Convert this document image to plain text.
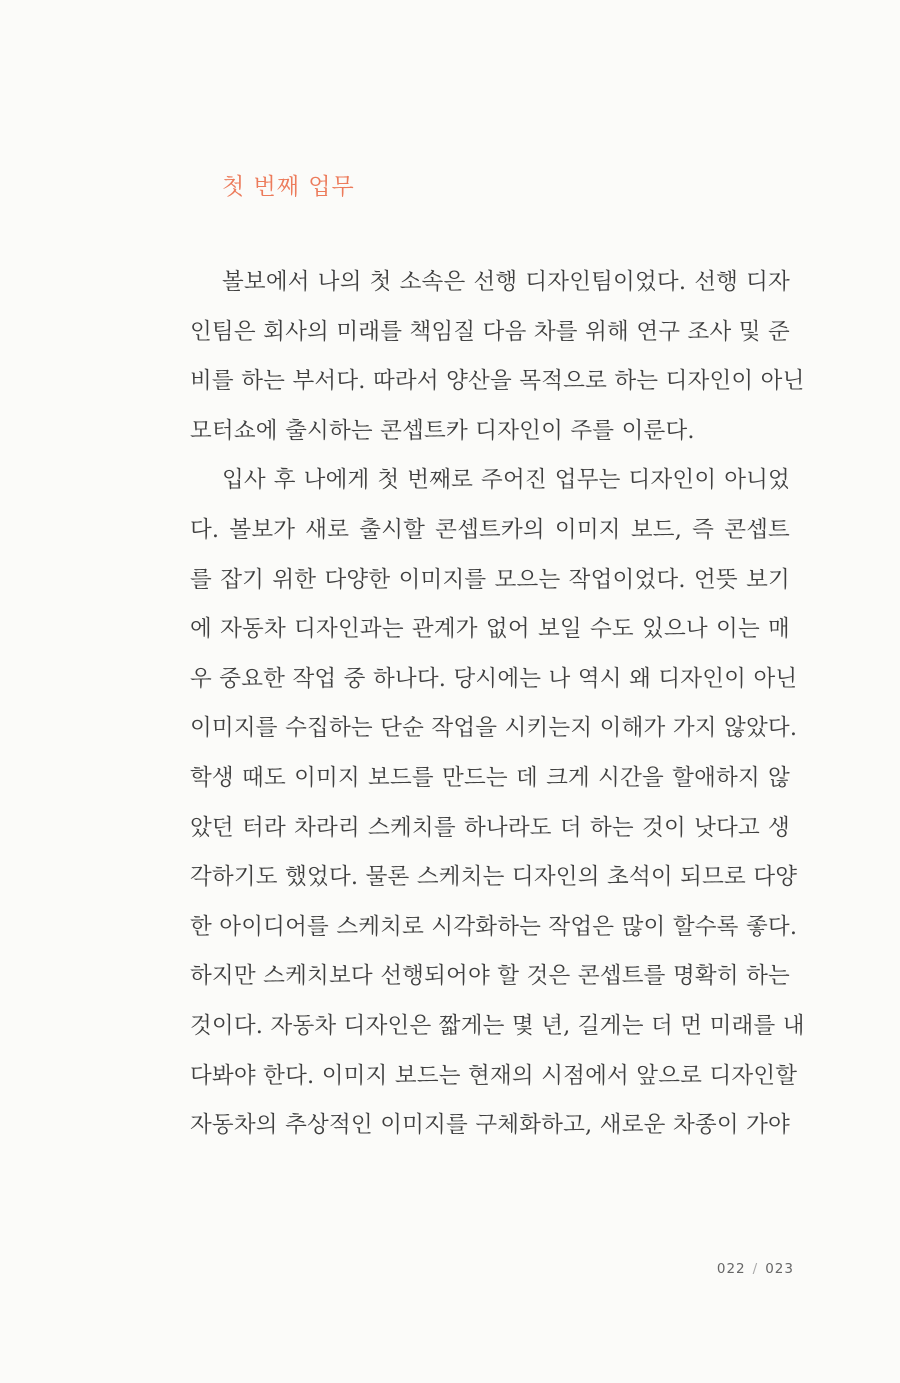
첫 번째 업무
볼보에서 나의 첫 소속은 선행 디자인팀이었다. 선행 디자
인팀은 회사의 미래를 책임질 다음 차를 위해 연구 조사 및 준
비를 하는 부서다. 따라서 양산을 목적으로 하는 디자인이 아닌
모터쇼에 출시하는 콘셉트카 디자인이 주를 이룬다.
입사 후 나에게 첫 번째로 주어진 업무는 디자인이 아니었
다. 볼보가 새로 출시할 콘셉트카의 이미지 보드, 즉 콘셉트
를 잡기 위한 다양한 이미지를 모으는 작업이었다. 언뜻 보기
에 자동차 디자인과는 관계가 없어 보일 수도 있으나 이는 매
우 중요한 작업 중 하나다. 당시에는 나 역시 왜 디자인이 아닌
이미지를 수집하는 단순 작업을 시키는지 이해가 가지 않았다.
학생 때도 이미지 보드를 만드는 데 크게 시간을 할애하지 않
았던 터라 차라리 스케치를 하나라도 더 하는 것이 낫다고 생
각하기도 했었다. 물론 스케치는 디자인의 초석이 되므로 다양
한 아이디어를 스케치로 시각화하는 작업은 많이 할수록 좋다.
하지만 스케치보다 선행되어야 할 것은 콘셉트를 명확히 하는
것이다. 자동차 디자인은 짧게는 몇 년, 길게는 더 먼 미래를 내
다봐야 한다. 이미지 보드는 현재의 시점에서 앞으로 디자인할
자동차의 추상적인 이미지를 구체화하고, 새로운 차종이 가야
022 / 023
